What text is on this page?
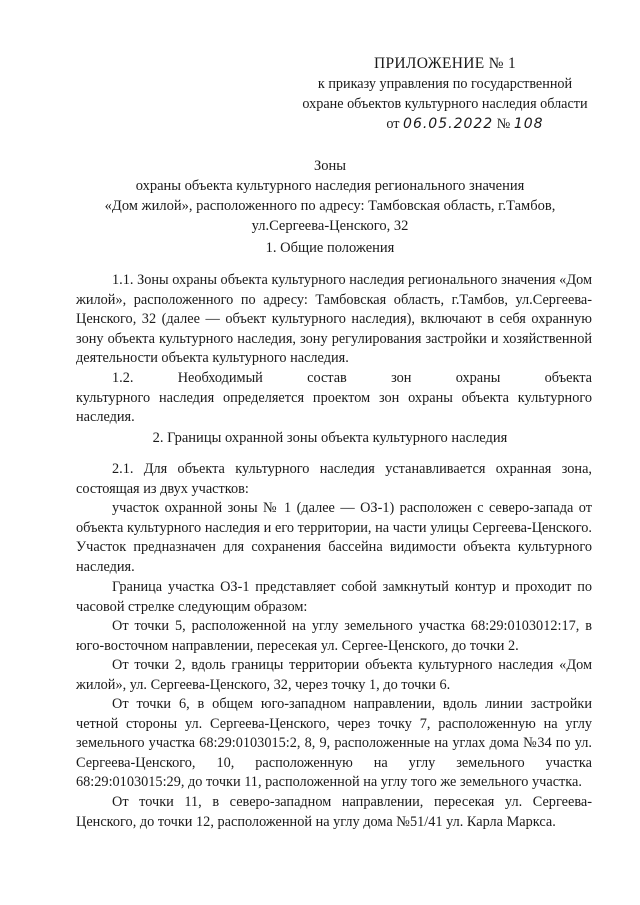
ПРИЛОЖЕНИЕ № 1
к приказу управления по государственной
охране объектов культурного наследия области
от 06.05.2022 № 108
Зоны
охраны объекта культурного наследия регионального значения
«Дом жилой», расположенного по адресу: Тамбовская область, г.Тамбов,
ул.Сергеева-Ценского, 32
1. Общие положения
1.1. Зоны охраны объекта культурного наследия регионального значения «Дом жилой», расположенного по адресу: Тамбовская область, г.Тамбов, ул.Сергеева-Ценского, 32 (далее — объект культурного наследия), включают в себя охранную зону объекта культурного наследия, зону регулирования застройки и хозяйственной деятельности объекта культурного наследия.
1.2. Необходимый состав зон охраны объекта
культурного наследия определяется проектом зон охраны объекта культурного наследия.
2. Границы охранной зоны объекта культурного наследия
2.1. Для объекта культурного наследия устанавливается охранная зона, состоящая из двух участков:
участок охранной зоны № 1 (далее — ОЗ-1) расположен с северо-запада от объекта культурного наследия и его территории, на части улицы Сергеева-Ценского. Участок предназначен для сохранения бассейна видимости объекта культурного наследия.
Граница участка ОЗ-1 представляет собой замкнутый контур и проходит по часовой стрелке следующим образом:
От точки 5, расположенной на углу земельного участка 68:29:0103012:17, в юго-восточном направлении, пересекая ул. Сергее-Ценского, до точки 2.
От точки 2, вдоль границы территории объекта культурного наследия «Дом жилой», ул. Сергеева-Ценского, 32, через точку 1, до точки 6.
От точки 6, в общем юго-западном направлении, вдоль линии застройки четной стороны ул. Сергеева-Ценского, через точку 7, расположенную на углу земельного участка 68:29:0103015:2, 8, 9, расположенные на углах дома №34 по ул. Сергеева-Ценского, 10, расположенную на углу земельного участка 68:29:0103015:29, до точки 11, расположенной на углу того же земельного участка.
От точки 11, в северо-западном направлении, пересекая ул. Сергеева-Ценского, до точки 12, расположенной на углу дома №51/41 ул. Карла Маркса.
